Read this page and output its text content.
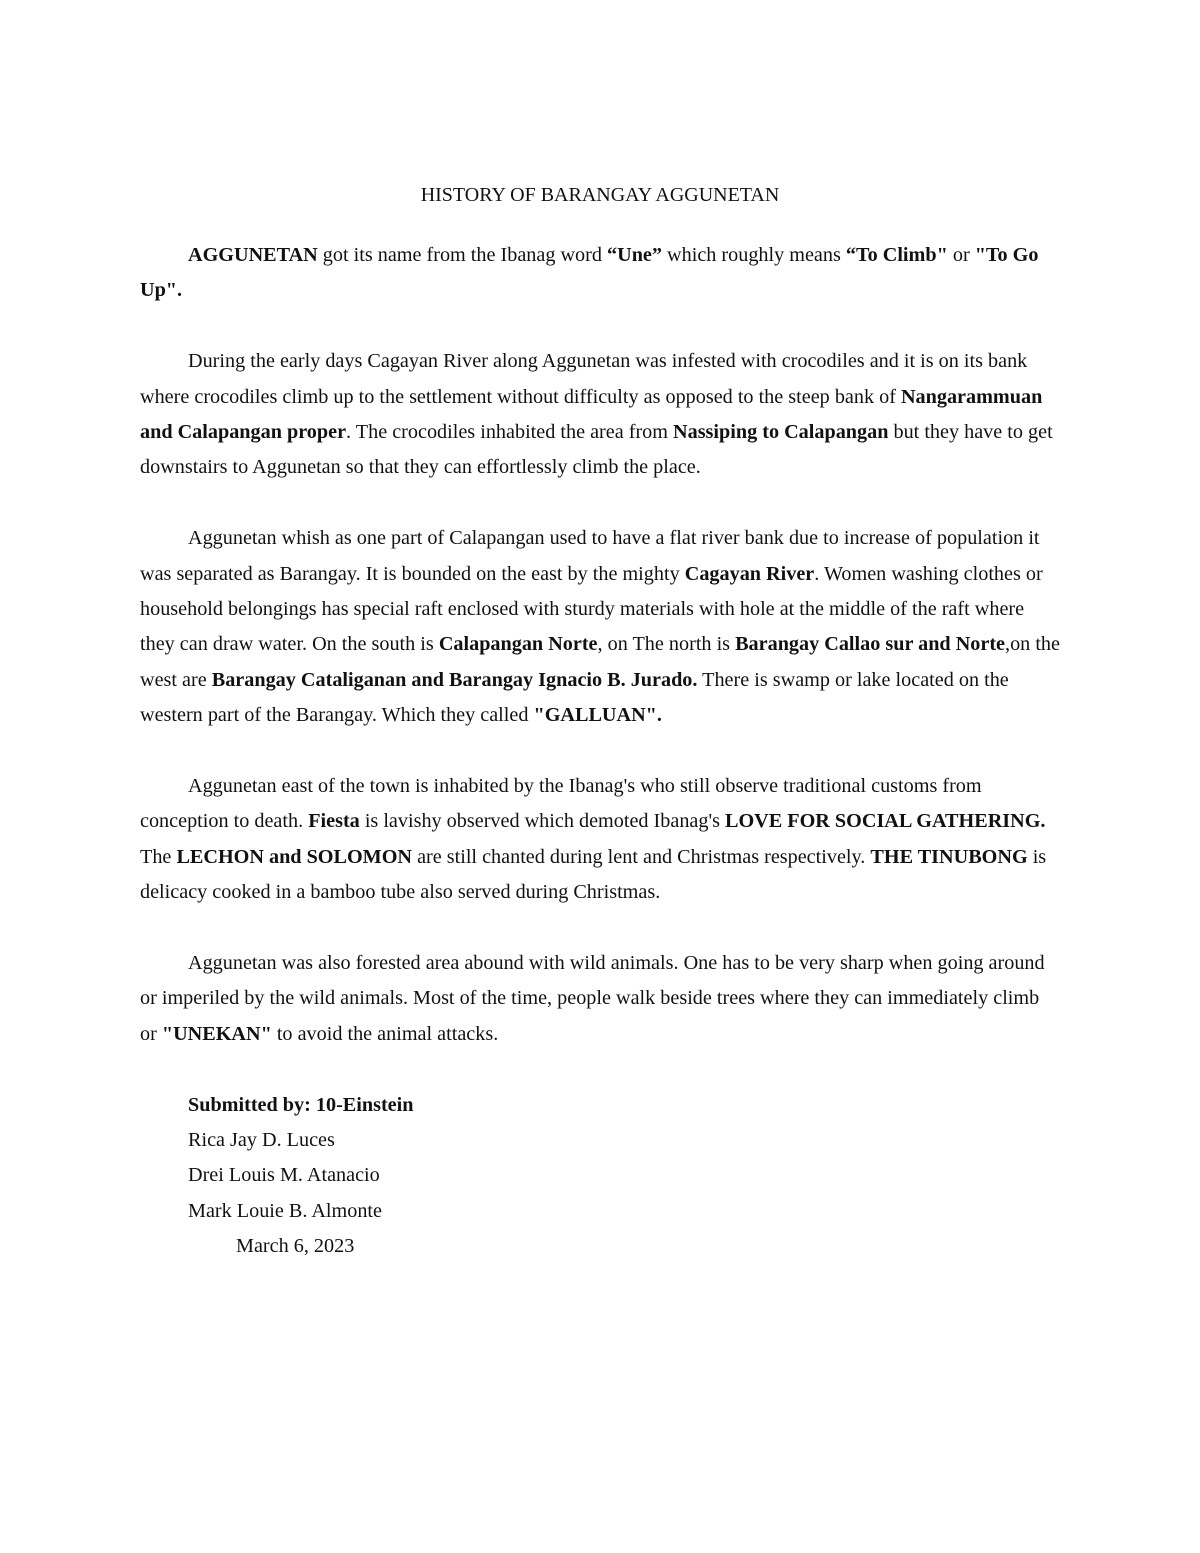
HISTORY OF BARANGAY AGGUNETAN

AGGUNETAN got its name from the Ibanag word “Une” which roughly means “To Climb" or "To Go Up".

During the early days Cagayan River along Aggunetan was infested with crocodiles and it is on its bank where crocodiles climb up to the settlement without difficulty as opposed to the steep bank of Nangarammuan and Calapangan proper. The crocodiles inhabited the area from Nassiping to Calapangan but they have to get downstairs to Aggunetan so that they can effortlessly climb the place.

Aggunetan whish as one part of Calapangan used to have a flat river bank due to increase of population it was separated as Barangay. It is bounded on the east by the mighty Cagayan River. Women washing clothes or household belongings has special raft enclosed with sturdy materials with hole at the middle of the raft where they can draw water. On the south is Calapangan Norte, on The north is Barangay Callao sur and Norte,on the west are Barangay Cataliganan and Barangay Ignacio B. Jurado. There is swamp or lake located on the western part of the Barangay. Which they called "GALLUAN".

Aggunetan east of the town is inhabited by the Ibanag's who still observe traditional customs from conception to death. Fiesta is lavishy observed which demoted Ibanag's LOVE FOR SOCIAL GATHERING. The LECHON and SOLOMON are still chanted during lent and Christmas respectively. THE TINUBONG is delicacy cooked in a bamboo tube also served during Christmas.

Aggunetan was also forested area abound with wild animals. One has to be very sharp when going around or imperiled by the wild animals. Most of the time, people walk beside trees where they can immediately climb or "UNEKAN" to avoid the animal attacks.

Submitted by: 10-Einstein
Rica Jay D. Luces
Drei Louis M. Atanacio
Mark Louie B. Almonte
March 6, 2023
